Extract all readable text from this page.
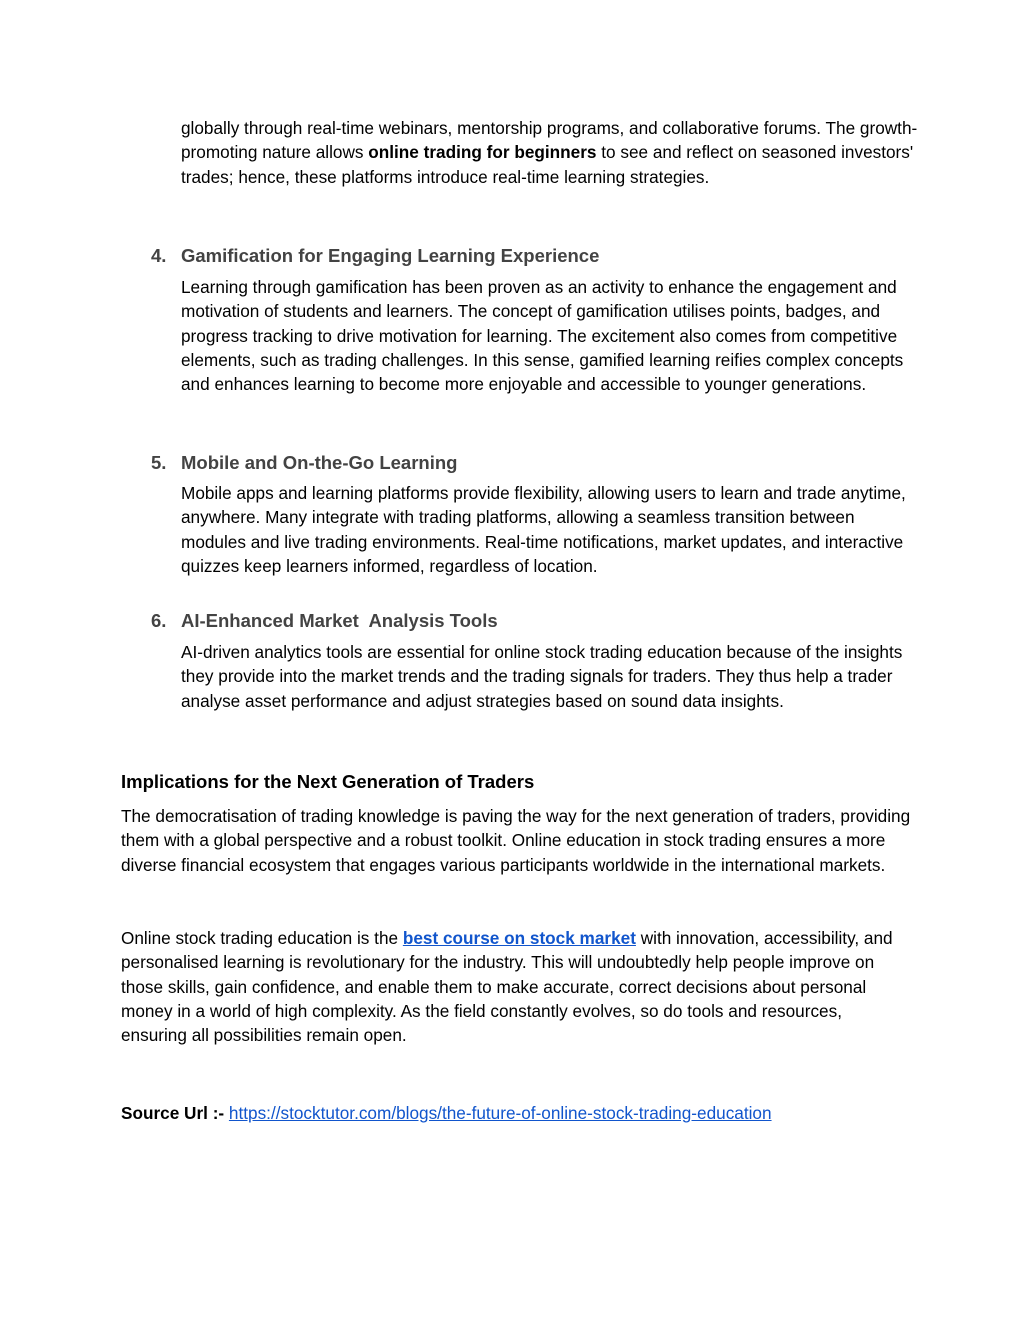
globally through real-time webinars, mentorship programs, and collaborative forums. The growth-promoting nature allows online trading for beginners to see and reflect on seasoned investors' trades; hence, these platforms introduce real-time learning strategies.

4. Gamification for Engaging Learning Experience

Learning through gamification has been proven as an activity to enhance the engagement and motivation of students and learners. The concept of gamification utilises points, badges, and progress tracking to drive motivation for learning. The excitement also comes from competitive elements, such as trading challenges. In this sense, gamified learning reifies complex concepts and enhances learning to become more enjoyable and accessible to younger generations.

5. Mobile and On-the-Go Learning

Mobile apps and learning platforms provide flexibility, allowing users to learn and trade anytime, anywhere. Many integrate with trading platforms, allowing a seamless transition between modules and live trading environments. Real-time notifications, market updates, and interactive quizzes keep learners informed, regardless of location.

6. AI-Enhanced Market  Analysis Tools

AI-driven analytics tools are essential for online stock trading education because of the insights they provide into the market trends and the trading signals for traders. They thus help a trader analyse asset performance and adjust strategies based on sound data insights.

Implications for the Next Generation of Traders

The democratisation of trading knowledge is paving the way for the next generation of traders, providing them with a global perspective and a robust toolkit. Online education in stock trading ensures a more diverse financial ecosystem that engages various participants worldwide in the international markets.

Online stock trading education is the best course on stock market with innovation, accessibility, and personalised learning is revolutionary for the industry. This will undoubtedly help people improve on those skills, gain confidence, and enable them to make accurate, correct decisions about personal money in a world of high complexity. As the field constantly evolves, so do tools and resources, ensuring all possibilities remain open.

Source Url :- https://stocktutor.com/blogs/the-future-of-online-stock-trading-education
